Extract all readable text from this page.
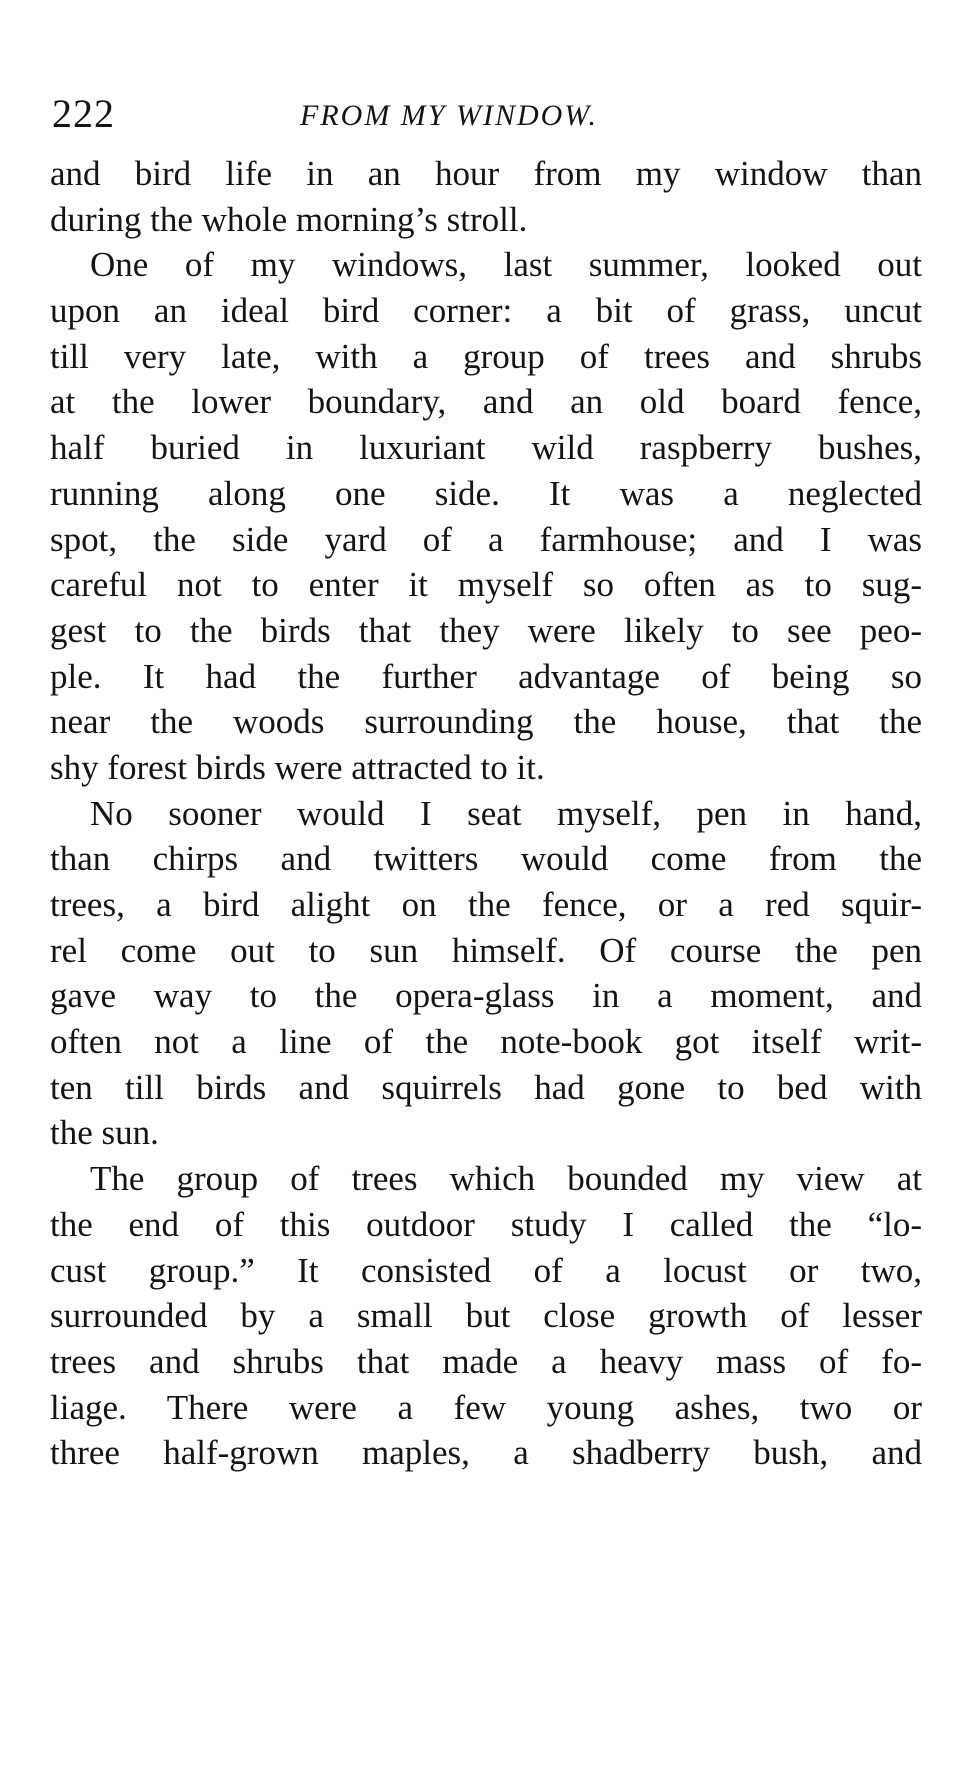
222	FROM MY WINDOW.
and bird life in an hour from my window than
during the whole morning’s stroll.
One of my windows, last summer, looked out
upon an ideal bird corner: a bit of grass, uncut
till very late, with a group of trees and shrubs
at the lower boundary, and an old board fence,
half buried in luxuriant wild raspberry bushes,
running along one side. It was a neglected
spot, the side yard of a farmhouse; and I was
careful not to enter it myself so often as to sug-
gest to the birds that they were likely to see peo-
ple. It had the further advantage of being so
near the woods surrounding the house, that the
shy forest birds were attracted to it.
No sooner would I seat myself, pen in hand,
than chirps and twitters would come from the
trees, a bird alight on the fence, or a red squir-
rel come out to sun himself. Of course the pen
gave way to the opera-glass in a moment, and
often not a line of the note-book got itself writ-
ten till birds and squirrels had gone to bed with
the sun.
The group of trees which bounded my view at
the end of this outdoor study I called the “lo-
cust group.” It consisted of a locust or two,
surrounded by a small but close growth of lesser
trees and shrubs that made a heavy mass of fo-
liage. There were a few young ashes, two or
three half-grown maples, a shadberry bush, and
